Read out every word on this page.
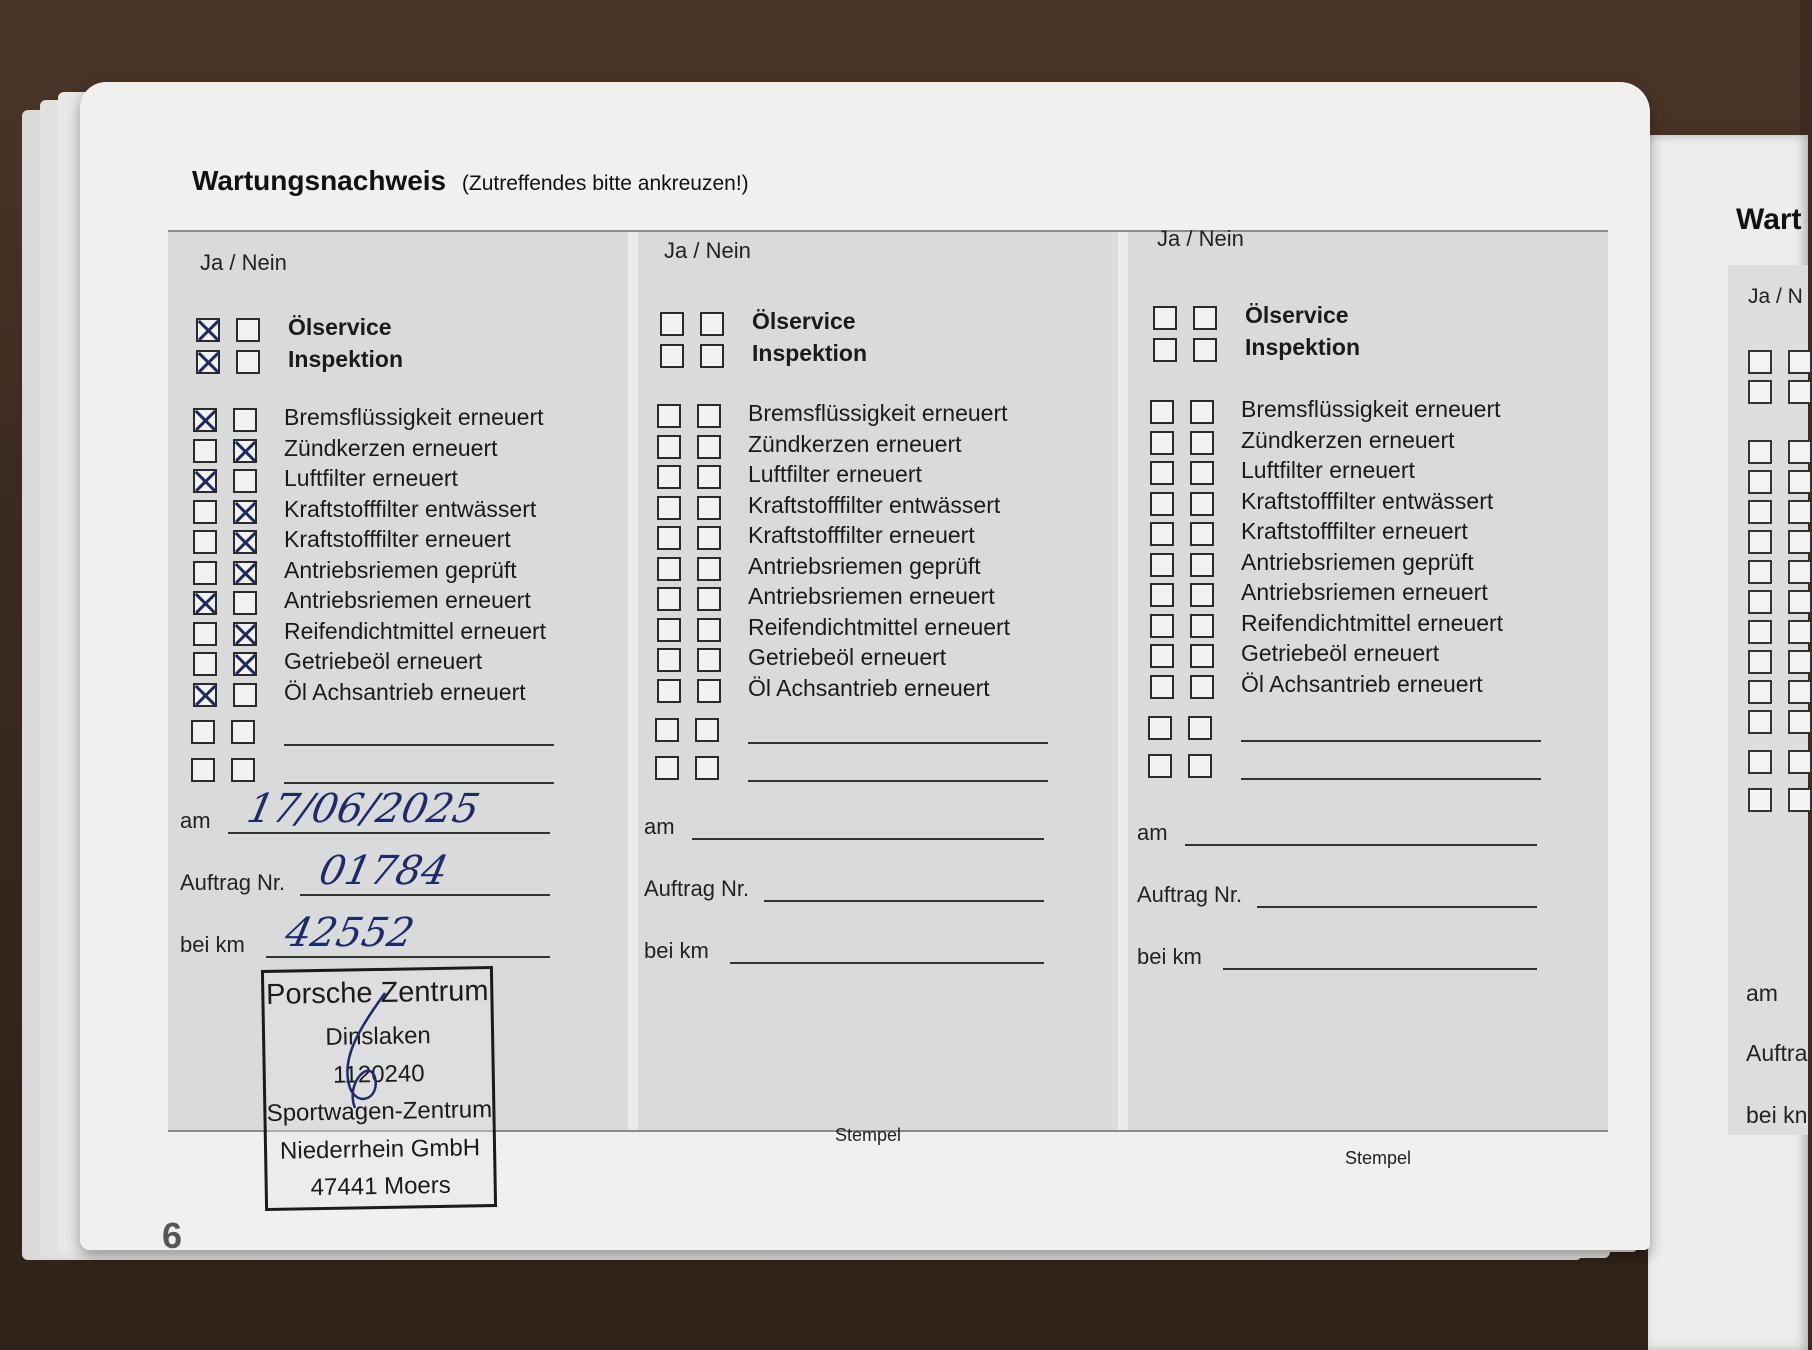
Wart
Ja / N
am
Auftra
bei kn
Wartungsnachweis (Zutreffendes bitte ankreuzen!)
Ja / Nein
Ölservice
Inspektion
Bremsflüssigkeit erneuert
Zündkerzen erneuert
Luftfilter erneuert
Kraftstofffilter entwässert
Kraftstofffilter erneuert
Antriebsriemen geprüft
Antriebsriemen erneuert
Reifendichtmittel erneuert
Getriebeöl erneuert
Öl Achsantrieb erneuert
am 17/06/2025
Auftrag Nr. 01784
bei km 42552
Ja / Nein
Ölservice
Inspektion
Bremsflüssigkeit erneuert
Zündkerzen erneuert
Luftfilter erneuert
Kraftstofffilter entwässert
Kraftstofffilter erneuert
Antriebsriemen geprüft
Antriebsriemen erneuert
Reifendichtmittel erneuert
Getriebeöl erneuert
Öl Achsantrieb erneuert
am
Auftrag Nr.
bei km
Stempel
Ja / Nein
Ölservice
Inspektion
Bremsflüssigkeit erneuert
Zündkerzen erneuert
Luftfilter erneuert
Kraftstofffilter entwässert
Kraftstofffilter erneuert
Antriebsriemen geprüft
Antriebsriemen erneuert
Reifendichtmittel erneuert
Getriebeöl erneuert
Öl Achsantrieb erneuert
am
Auftrag Nr.
bei km
Stempel
Porsche Zentrum
Dinslaken
1120240
Sportwagen-Zentrum
Niederrhein GmbH
47441 Moers
6
